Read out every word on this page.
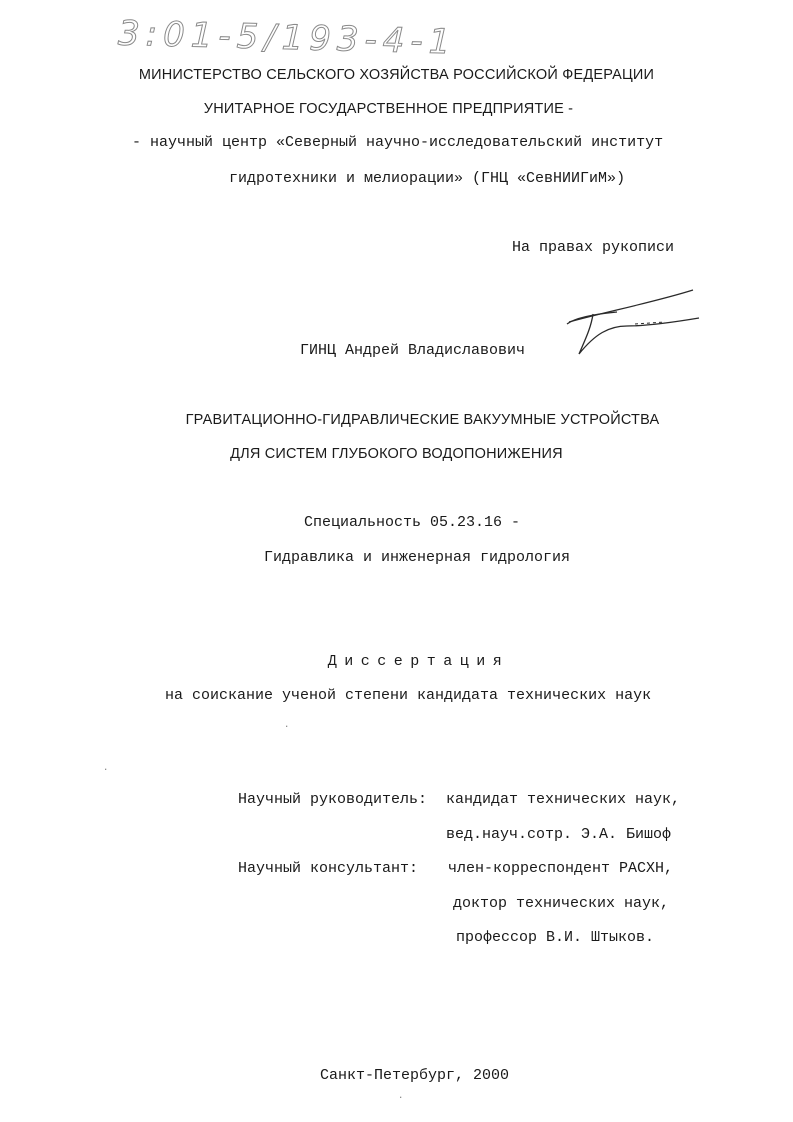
3:01-5/193-4-1
МИНИСТЕРСТВО СЕЛЬСКОГО ХОЗЯЙСТВА РОССИЙСКОЙ ФЕДЕРАЦИИ
УНИТАРНОЕ ГОСУДАРСТВЕННОЕ ПРЕДПРИЯТИЕ -
- научный центр «Северный научно-исследовательский институт
гидротехники и мелиорации» (ГНЦ «СевНИИГиМ»)
На правах рукописи
ГИНЦ Андрей Владиславович
ГРАВИТАЦИОННО-ГИДРАВЛИЧЕСКИЕ ВАКУУМНЫЕ УСТРОЙСТВА
ДЛЯ СИСТЕМ ГЛУБОКОГО ВОДОПОНИЖЕНИЯ
Специальность 05.23.16 -
Гидравлика и инженерная гидрология
Диссертация
на соискание ученой степени кандидата технических наук
Научный руководитель: кандидат технических наук,
вед.науч.сотр. Э.А. Бишоф
Научный консультант: член-корреспондент РАСХН,
доктор технических наук,
профессор В.И. Штыков.
Санкт-Петербург, 2000
·
·
·
